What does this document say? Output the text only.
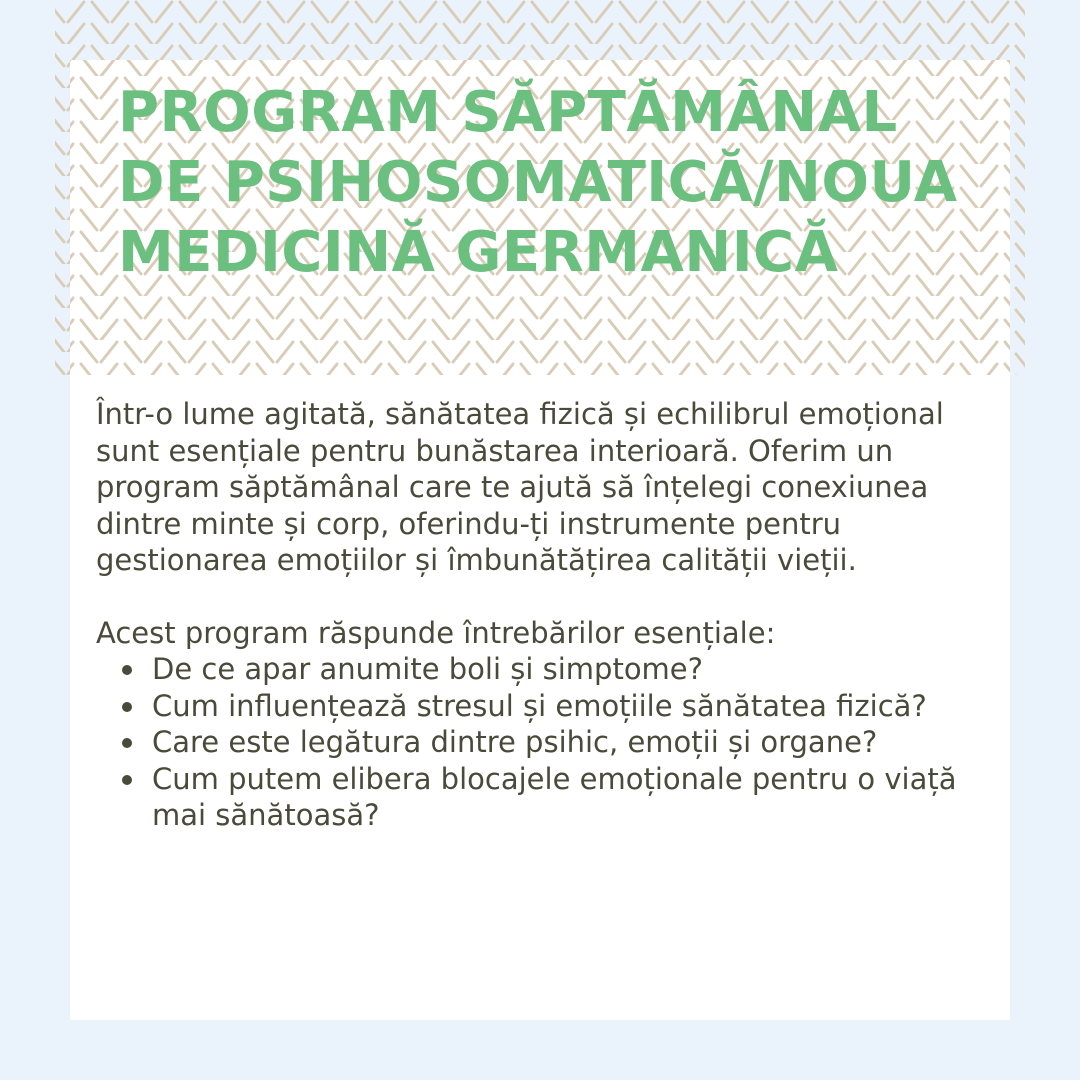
PROGRAM SĂPTĂMÂNAL DE PSIHOSOMATICĂ/NOUA MEDICINĂ GERMANICĂ

Într-o lume agitată, sănătatea fizică și echilibrul emoțional sunt esențiale pentru bunăstarea interioară. Oferim un program săptămânal care te ajută să înțelegi conexiunea dintre minte și corp, oferindu-ți instrumente pentru gestionarea emoțiilor și îmbunătățirea calității vieții.

Acest program răspunde întrebărilor esențiale:

De ce apar anumite boli și simptome?
Cum influențează stresul și emoțiile sănătatea fizică?
Care este legătura dintre psihic, emoții și organe?
Cum putem elibera blocajele emoționale pentru o viață mai sănătoasă?
